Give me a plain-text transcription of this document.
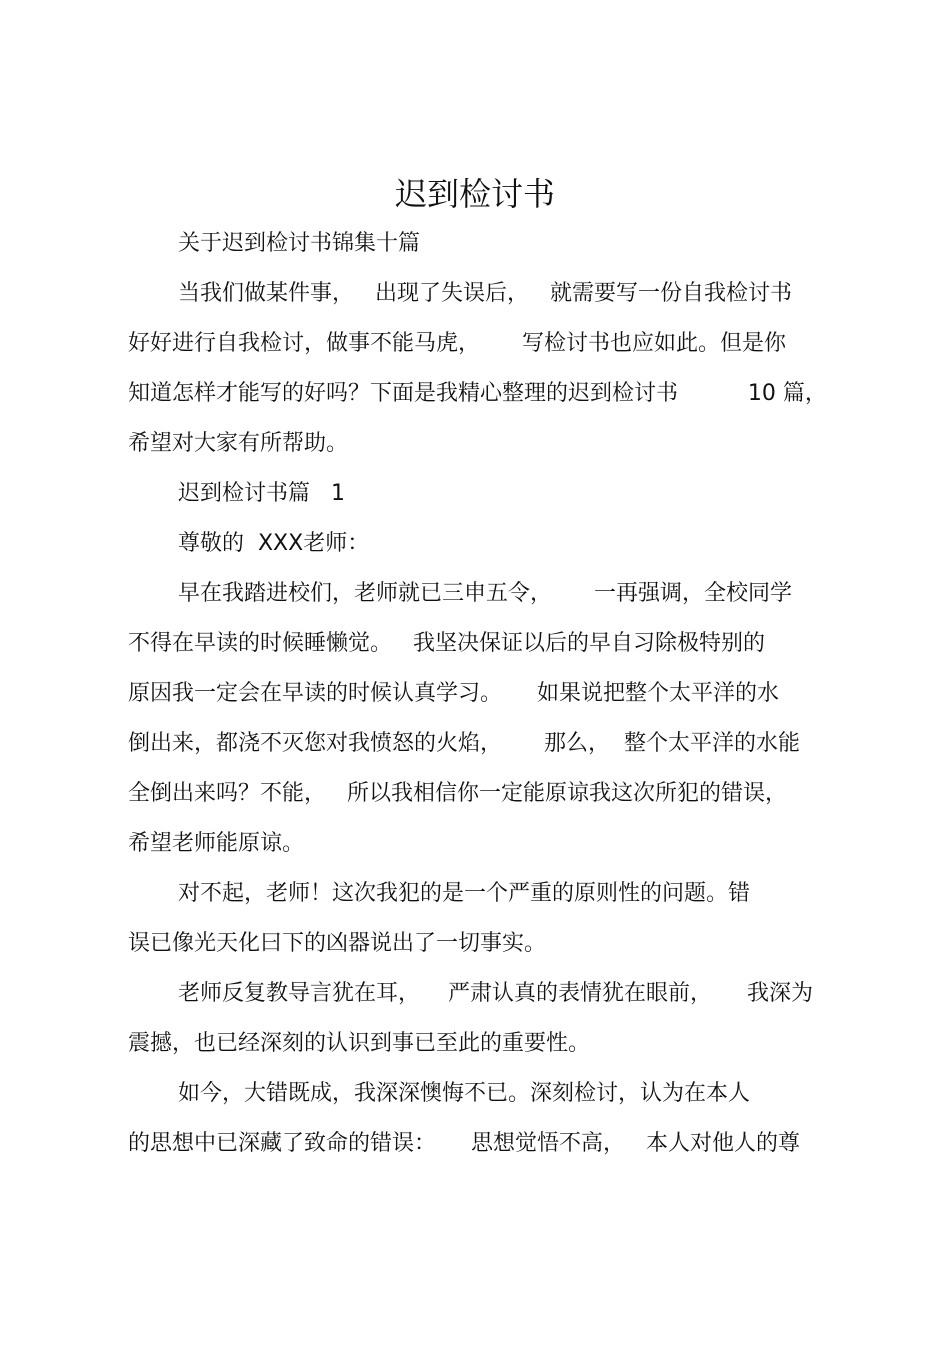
迟到检讨书
关于迟到检讨书锦集十篇
当我们做某件事，   出现了失误后，   就需要写一份自我检讨书
好好进行自我检讨，做事不能马虎，      写检讨书也应如此。但是你
知道怎样才能写的好吗？下面是我精心整理的迟到检讨书          10 篇，
希望对大家有所帮助。
迟到检讨书篇   1
尊敬的  XXX老师：
早在我踏进校们，老师就已三申五令，      一再强调，全校同学
不得在早读的时候睡懒觉。   我坚决保证以后的早自习除极特别的
原因我一定会在早读的时候认真学习。     如果说把整个太平洋的水
倒出来，都浇不灭您对我愤怒的火焰，      那么，  整个太平洋的水能
全倒出来吗？不能，   所以我相信你一定能原谅我这次所犯的错误，
希望老师能原谅。
对不起，老师！这次我犯的是一个严重的原则性的问题。错
误已像光天化曰下的凶器说出了一切事实。
老师反复教导言犹在耳，    严肃认真的表情犹在眼前，     我深为
震撼，也已经深刻的认识到事已至此的重要性。
如今，大错既成，我深深懊悔不已。深刻检讨，认为在本人
的思想中已深藏了致命的错误：     思想觉悟不高，   本人对他人的尊
